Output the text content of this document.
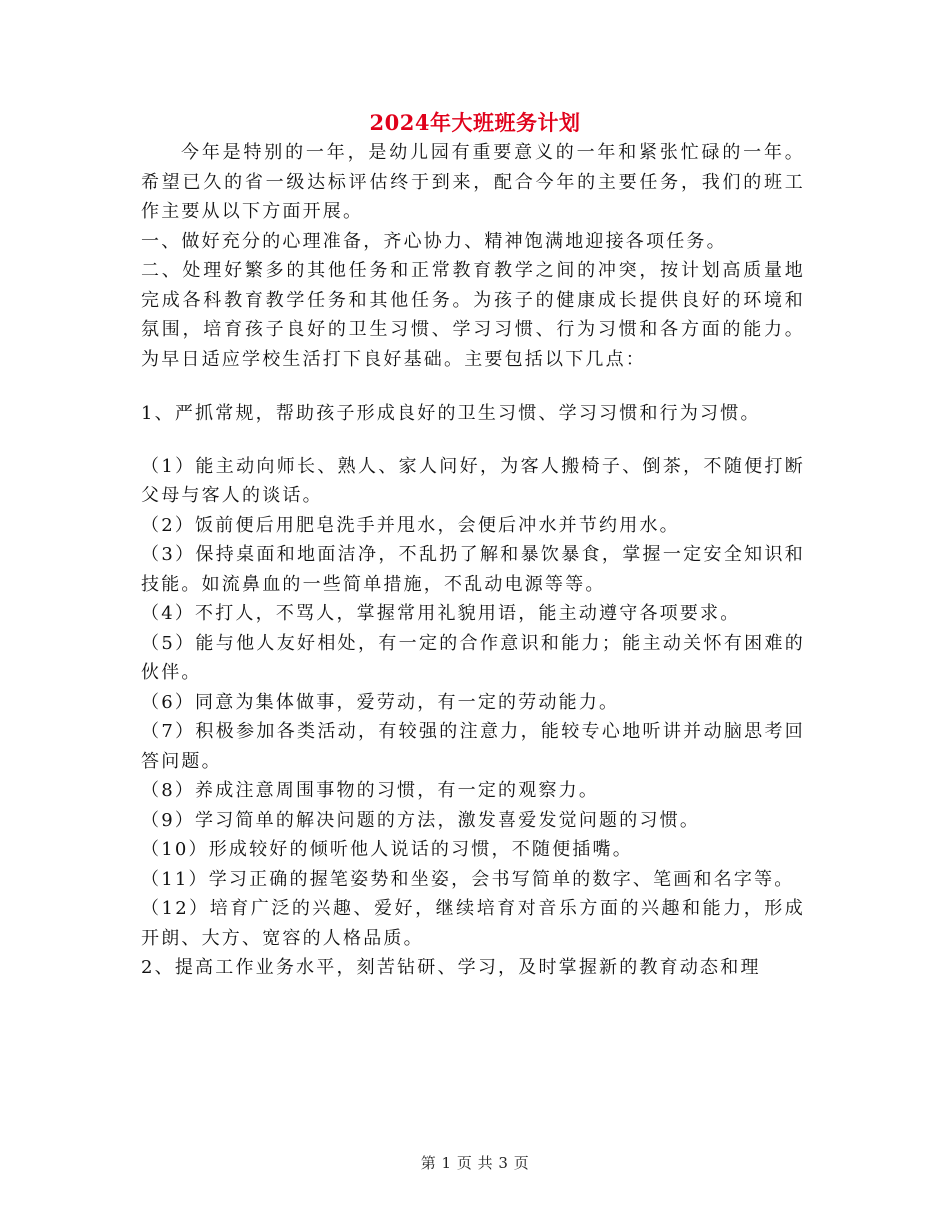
2024年大班班务计划

今年是特别的一年，是幼儿园有重要意义的一年和紧张忙碌的一年。希望已久的省一级达标评估终于到来，配合今年的主要任务，我们的班工作主要从以下方面开展。

一、做好充分的心理准备，齐心协力、精神饱满地迎接各项任务。

二、处理好繁多的其他任务和正常教育教学之间的冲突，按计划高质量地完成各科教育教学任务和其他任务。为孩子的健康成长提供良好的环境和氛围，培育孩子良好的卫生习惯、学习习惯、行为习惯和各方面的能力。为早日适应学校生活打下良好基础。主要包括以下几点：

1、严抓常规，帮助孩子形成良好的卫生习惯、学习习惯和行为习惯。

（1）能主动向师长、熟人、家人问好，为客人搬椅子、倒茶，不随便打断父母与客人的谈话。

（2）饭前便后用肥皂洗手并甩水，会便后冲水并节约用水。

（3）保持桌面和地面洁净，不乱扔了解和暴饮暴食，掌握一定安全知识和技能。如流鼻血的一些简单措施，不乱动电源等等。

（4）不打人，不骂人，掌握常用礼貌用语，能主动遵守各项要求。

（5）能与他人友好相处，有一定的合作意识和能力；能主动关怀有困难的伙伴。

（6）同意为集体做事，爱劳动，有一定的劳动能力。

（7）积极参加各类活动，有较强的注意力，能较专心地听讲并动脑思考回答问题。

（8）养成注意周围事物的习惯，有一定的观察力。

（9）学习简单的解决问题的方法，激发喜爱发觉问题的习惯。

（10）形成较好的倾听他人说话的习惯，不随便插嘴。

（11）学习正确的握笔姿势和坐姿，会书写简单的数字、笔画和名字等。

（12）培育广泛的兴趣、爱好，继续培育对音乐方面的兴趣和能力，形成开朗、大方、宽容的人格品质。

2、提高工作业务水平，刻苦钻研、学习，及时掌握新的教育动态和理

第 1 页 共 3 页
